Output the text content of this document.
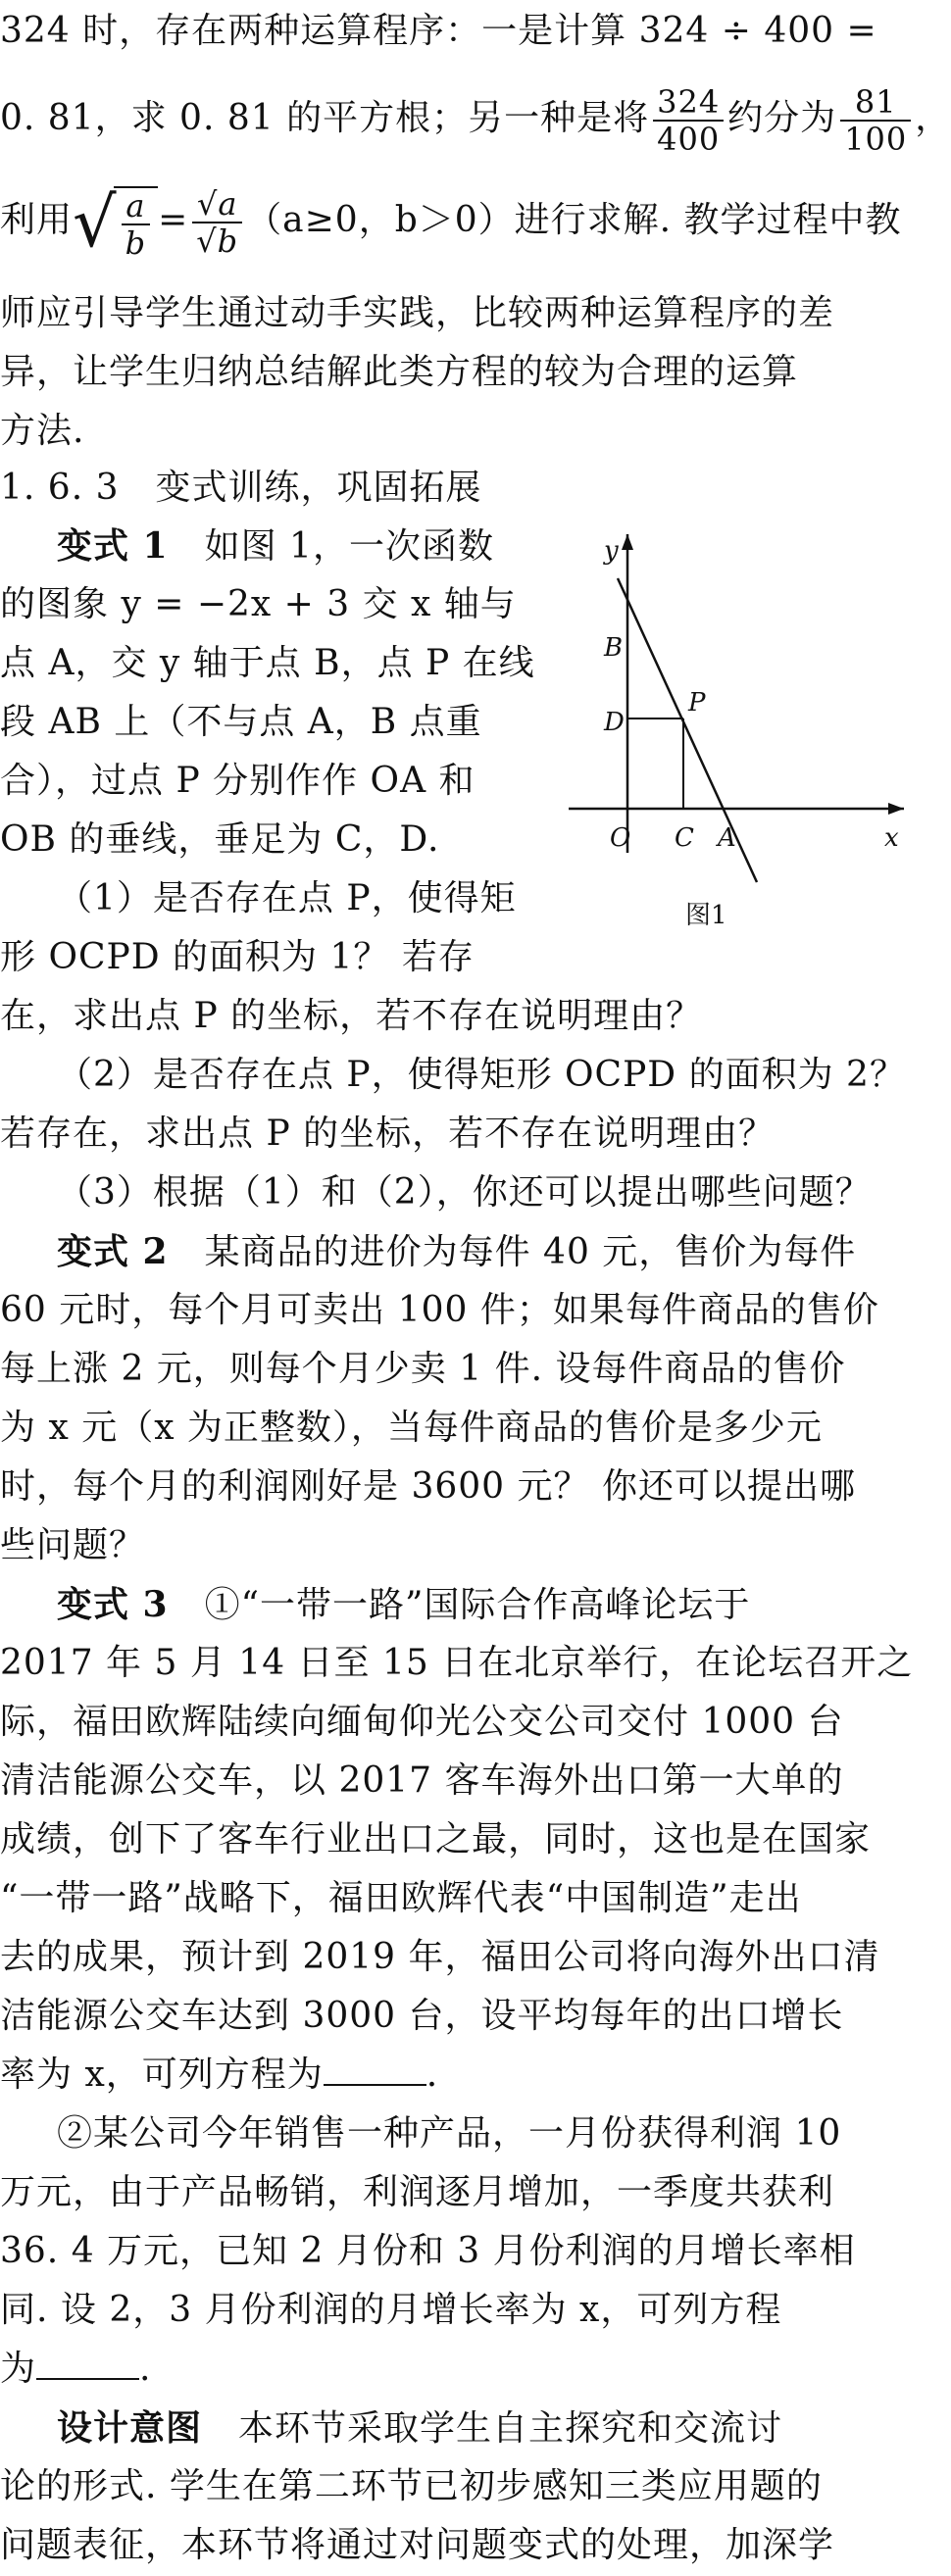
324 时，存在两种运算程序：一是计算 324 ÷ 400 =
0. 81，求 0. 81 的平方根；另一种是将 $\frac{324}{400}$ 约分为 $\frac{81}{100}$ ，
利用√ $\frac{a}{b} = \frac{√a}{√b} (a\ge 0$，b＞0）进行求解. 教学过程中教
师应引导学生通过动手实践，比较两种运算程序的差
异，让学生归纳总结解此类方程的较为合理的运算
方法.
1. 6. 3　变式训练，巩固拓展
变式 1　如图 1，一次函数
的图象 y = −2x + 3 交 x 轴与
点 A，交 y 轴于点 B，点 P 在线
段 AB 上（不与点 A，B 点重
合），过点 P 分别作作 OA 和
OB 的垂线，垂足为 C，D.
（1）是否存在点 P，使得矩
形 OCPD 的面积为 1？ 若存
在，求出点 P 的坐标，若不存在说明理由？
（2）是否存在点 P，使得矩形 OCPD 的面积为 2？
若存在，求出点 P 的坐标，若不存在说明理由？
（3）根据（1）和（2），你还可以提出哪些问题？
y
B
D
P
O C A	x
图1
变式 2　某商品的进价为每件 40 元，售价为每件
60 元时，每个月可卖出 100 件；如果每件商品的售价
每上涨 2 元，则每个月少卖 1 件. 设每件商品的售价
为 x 元（x 为正整数），当每件商品的售价是多少元
时，每个月的利润刚好是 3600 元？ 你还可以提出哪
些问题？
变式 3　①“一带一路”国际合作高峰论坛于
2017 年 5 月 14 日至 15 日在北京举行，在论坛召开之
际，福田欧辉陆续向缅甸仰光公交公司交付 1000 台
清洁能源公交车，以 2017 客车海外出口第一大单的
成绩，创下了客车行业出口之最，同时，这也是在国家
“一带一路”战略下，福田欧辉代表“中国制造”走出
去的成果，预计到 2019 年，福田公司将向海外出口清
洁能源公交车达到 3000 台，设平均每年的出口增长
率为 x，可列方程为	.
②某公司今年销售一种产品，一月份获得利润 10
万元，由于产品畅销，利润逐月增加，一季度共获利
36. 4 万元，已知 2 月份和 3 月份利润的月增长率相
同. 设 2，3 月份利润的月增长率为 x，可列方程
为	.
设计意图　本环节采取学生自主探究和交流讨
论的形式. 学生在第二环节已初步感知三类应用题的
问题表征，本环节将通过对问题变式的处理，加深学
